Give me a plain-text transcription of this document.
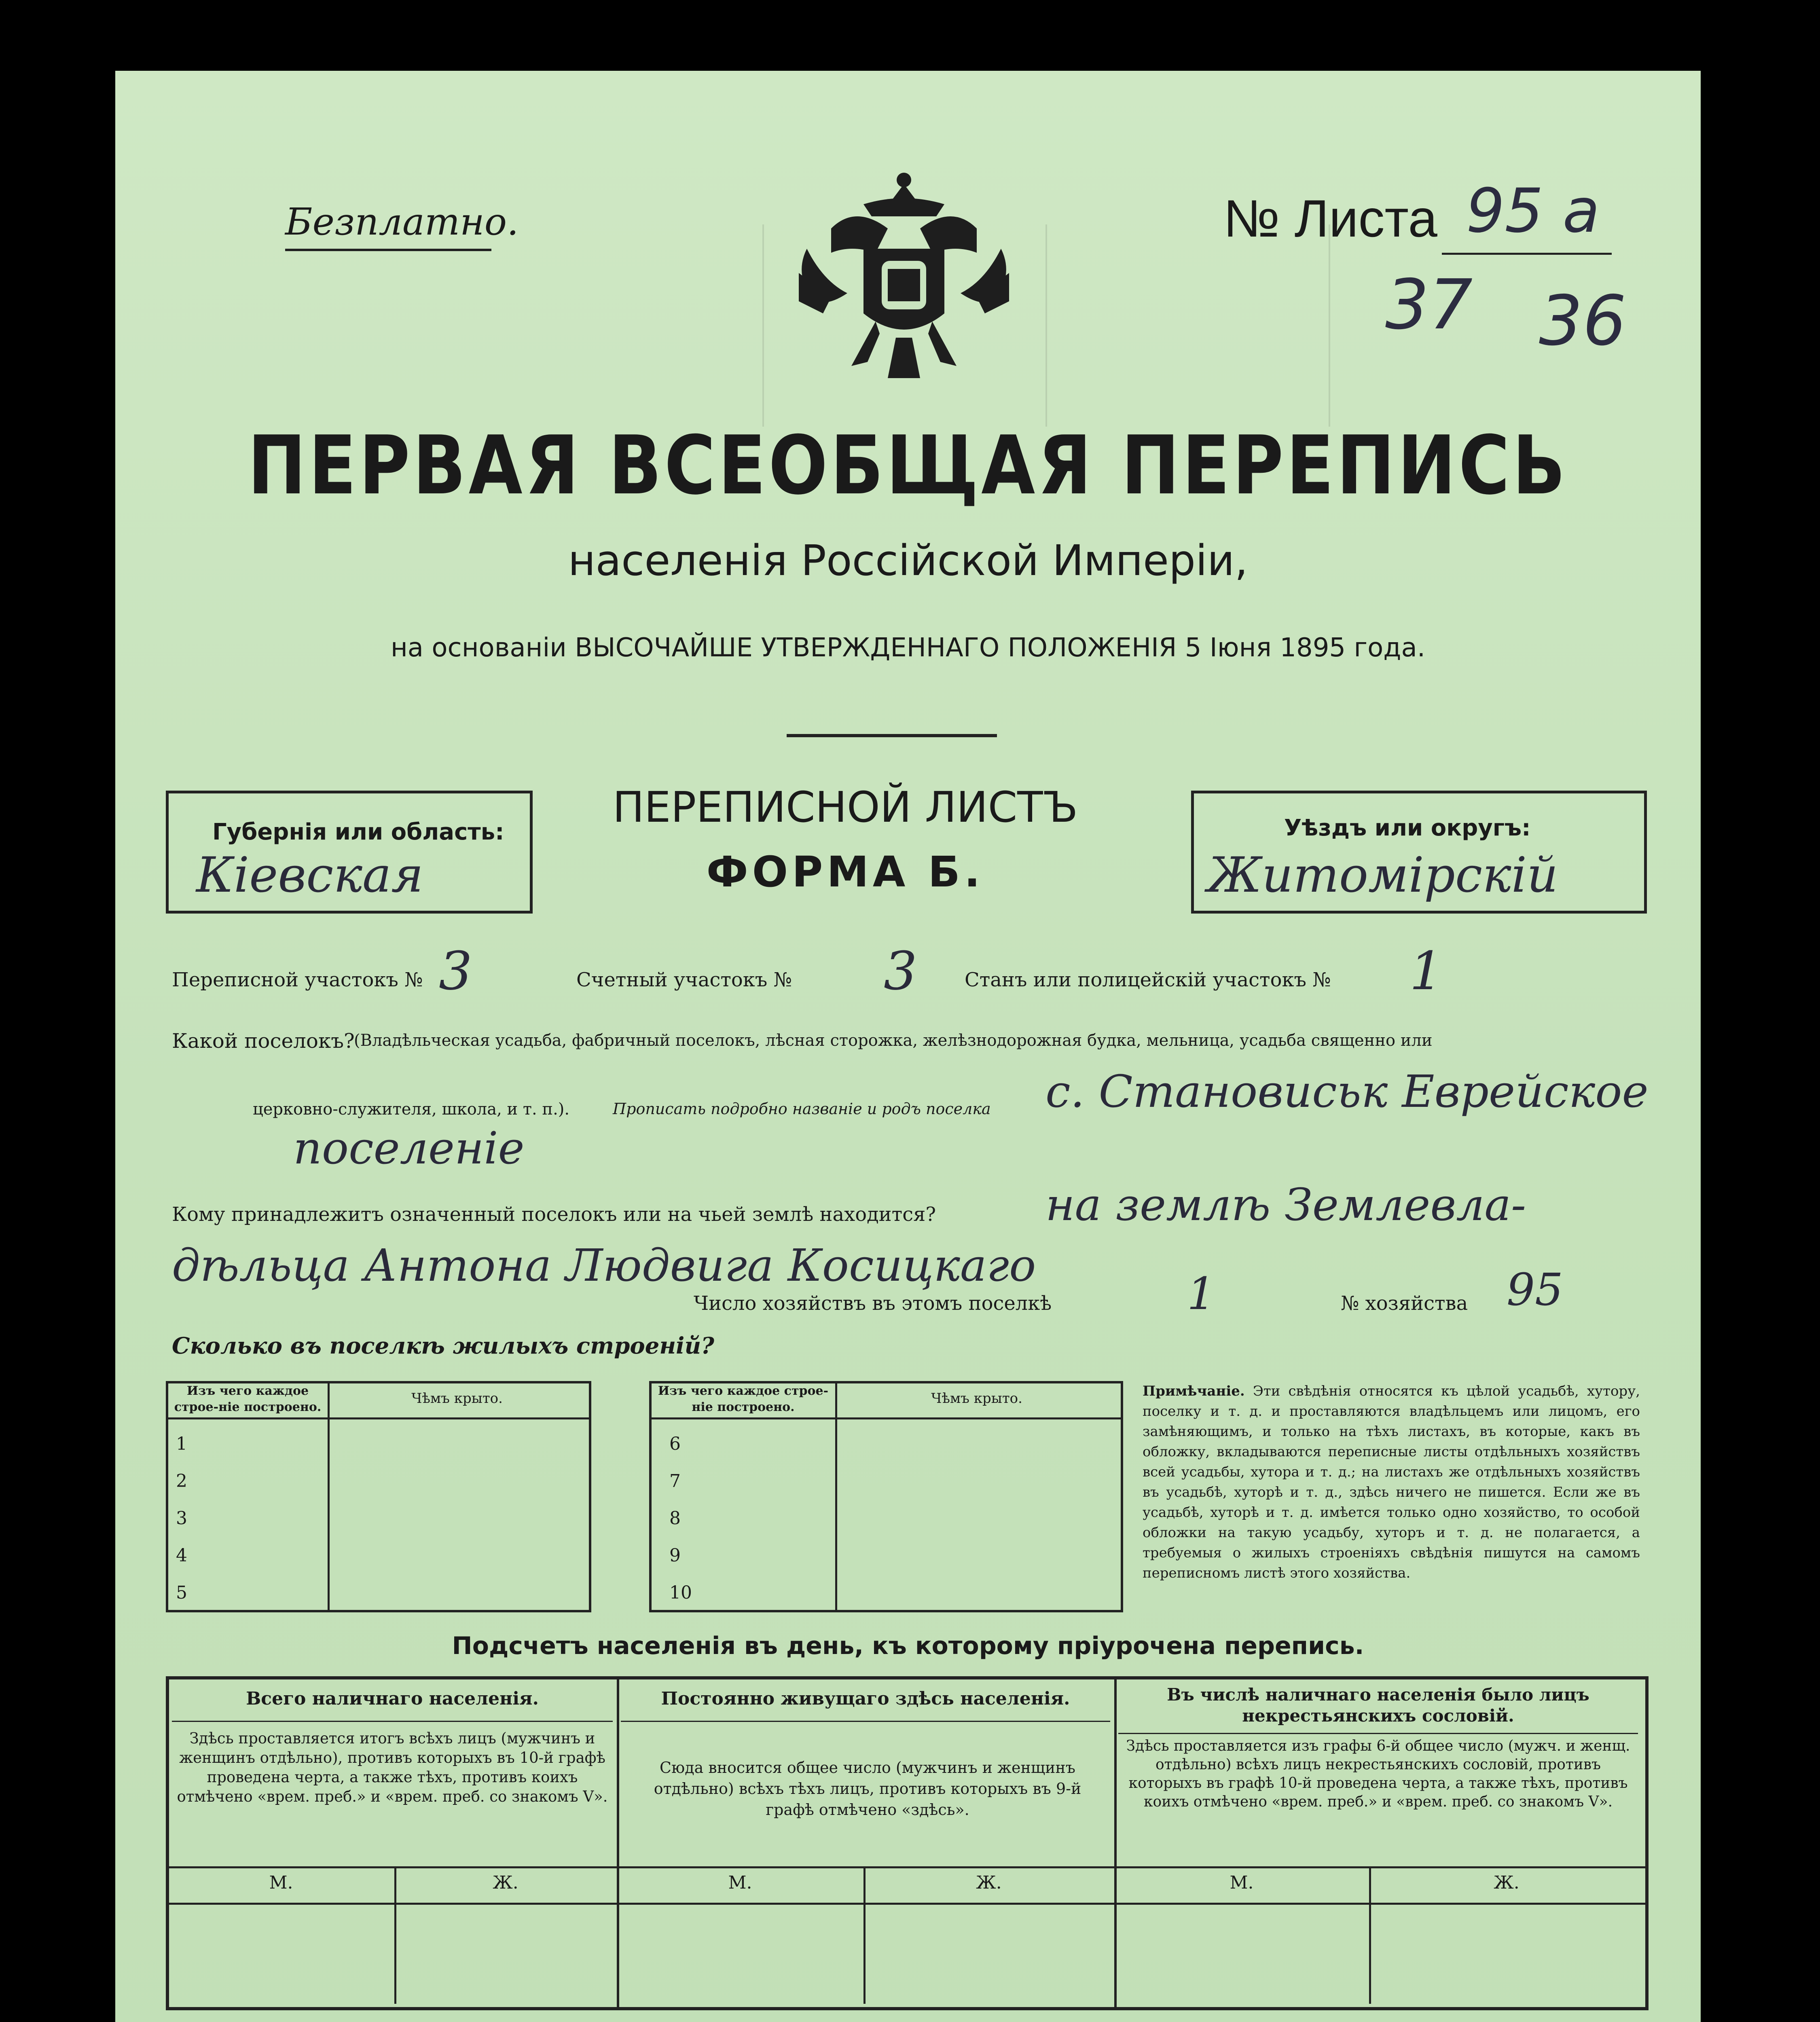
Безплатно.	№ Листа 95 а
37 36
ПЕРВАЯ ВСЕОБЩАЯ ПЕРЕПИСЬ
населенія Россійской Имперіи,
на основаніи ВЫСОЧАЙШЕ УТВЕРЖДЕННАГО ПОЛОЖЕНІЯ 5 Іюня 1895 года.
Губернія или область:
Кіевская
ПЕРЕПИСНОЙ ЛИСТЪ
ФОРМА Б.
Уѣздъ или округъ:
Житомірскій
Переписной участокъ № 3	Счетный участокъ № 3 Станъ или полицейскій участокъ № 1
Какой поселокъ?
(Владѣльческая усадьба, фабричный поселокъ, лѣсная сторожка, желѣзнодорожная будка, мельница, усадьба священно или
церковно-служителя, школа, и т. п.).	Прописать подробно названіе и родъ поселка с. Становиськ Еврейское
поселеніе
Кому принадлежитъ означенный поселокъ или на чьей землѣ находится? на землѣ Землевла-
дѣльца Антона Людвига Косицкаго
Число хозяйствъ въ этомъ поселкѣ	1	№ хозяйства 95
Сколько въ поселкѣ жилыхъ строеній?
Изъ чего каждое строе-ніе построено.
Чѣмъ крыто.
1
2
3
4
5
Изъ чего каждое строе-ніе построено.
Чѣмъ крыто.
6
7
8
9
10
Примѣчаніе. Эти свѣдѣнія относятся къ цѣлой усадьбѣ, хутору, поселку и т. д. и проставляются владѣльцемъ или лицомъ, его замѣняющимъ, и только на тѣхъ листахъ, въ которые, какъ въ обложку, вкладываются переписные листы отдѣльныхъ хозяйствъ всей усадьбы, хутора и т. д.; на листахъ же отдѣльныхъ хозяйствъ въ усадьбѣ, хуторѣ и т. д., здѣсь ничего не пишется. Если же въ усадьбѣ, хуторѣ и т. д. имѣется только одно хозяйство, то особой обложки на такую усадьбу, хуторъ и т. д. не полагается, а требуемыя о жилыхъ строеніяхъ свѣдѣнія пишутся на самомъ переписномъ листѣ этого хозяйства.
Подсчетъ населенія въ день, къ которому пріурочена перепись.
Всего наличнаго населенія.
Здѣсь проставляется итогъ всѣхъ лицъ (мужчинъ и женщинъ отдѣльно), противъ которыхъ въ 10-й графѣ проведена черта, а также тѣхъ, противъ коихъ отмѣчено «врем. преб.» и «врем. преб. со знакомъ V».
Постоянно живущаго здѣсь населенія.
Сюда вносится общее число (мужчинъ и женщинъ отдѣльно) всѣхъ тѣхъ лицъ, противъ которыхъ въ 9-й графѣ отмѣчено «здѣсь».
Въ числѣ наличнаго населенія было лицъ некрестьянскихъ сословій.
Здѣсь проставляется изъ графы 6-й общее число (мужч. и женщ. отдѣльно) всѣхъ лицъ некрестьянскихъ сословій, противъ которыхъ въ графѣ 10-й проведена черта, а также тѣхъ, противъ коихъ отмѣчено «врем. преб.» и «врем. преб. со знакомъ V».
М.	Ж.	М.	Ж.	М.	Ж.
